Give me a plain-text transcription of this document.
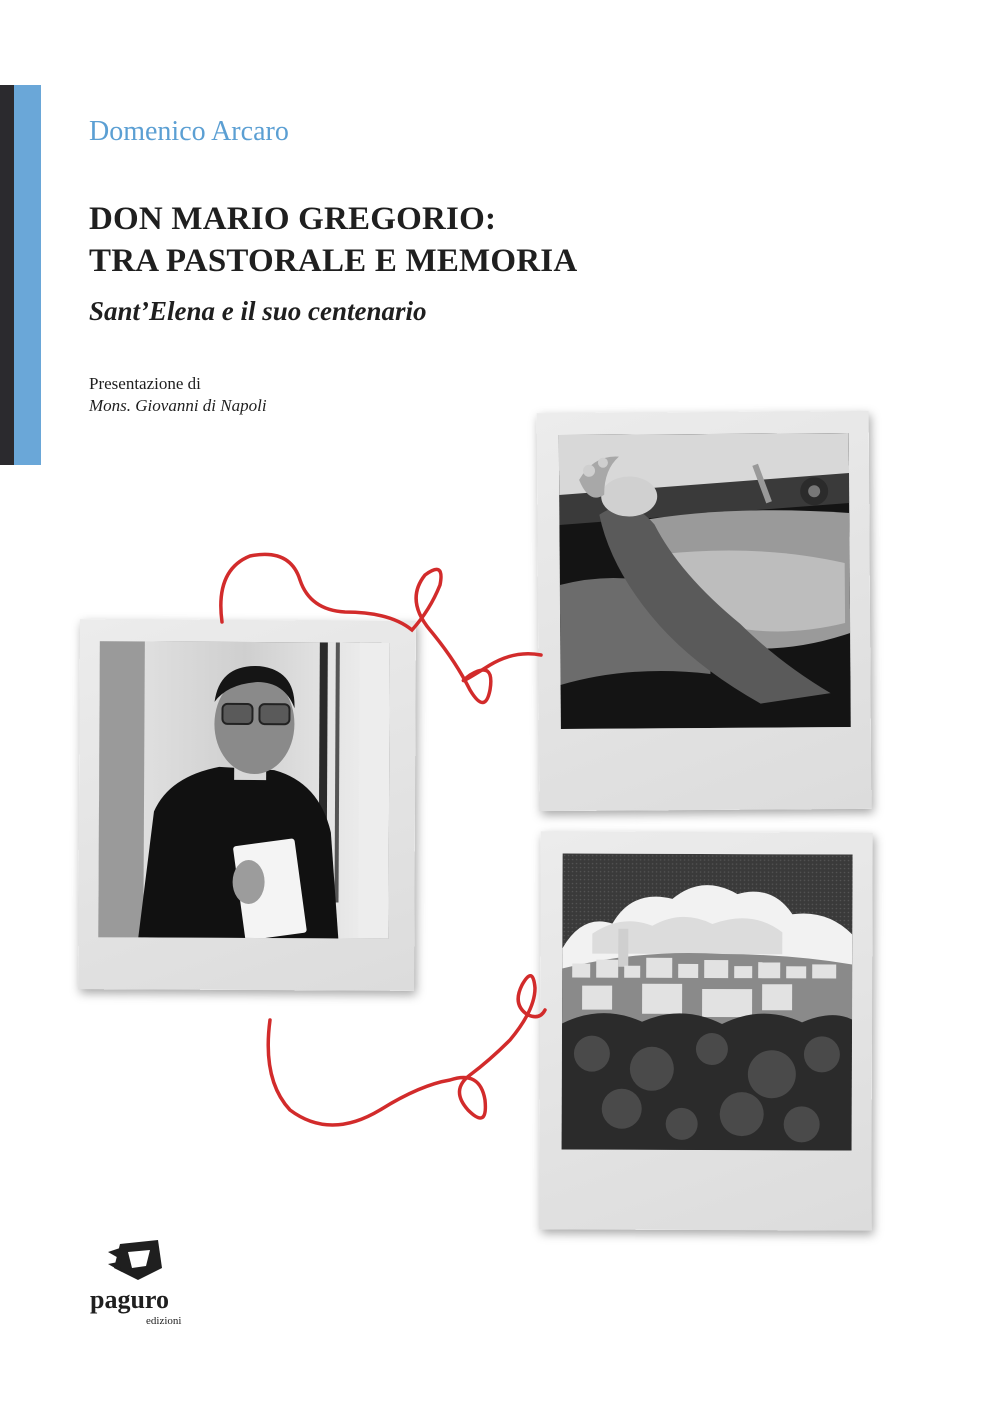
Domenico Arcaro
DON MARIO GREGORIO:
TRA PASTORALE E MEMORIA
Sant’Elena e il suo centenario
Presentazione di
Mons. Giovanni di Napoli
paguro
edizioni
